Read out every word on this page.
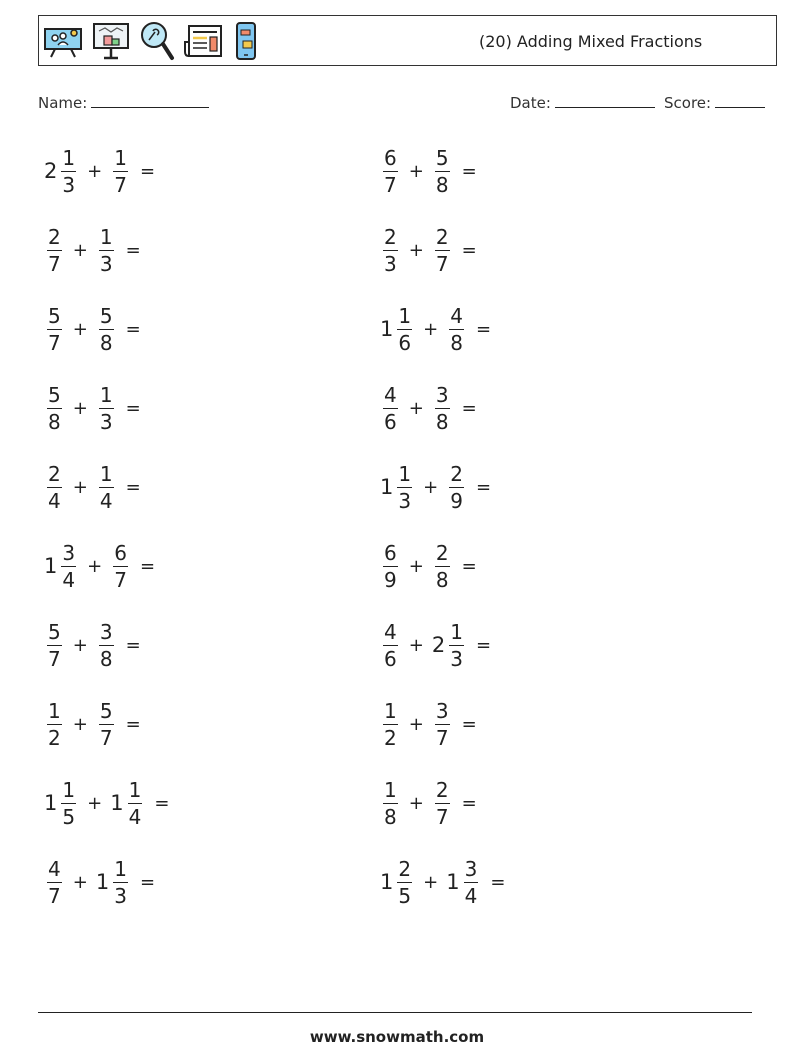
(20) Adding Mixed Fractions
Name:	Date:	Score:
$2 \frac{1}{3} + \frac{1}{7}$ =	$\frac{6}{7} + \frac{5}{8}$ =
$\frac{2}{7} + \frac{1}{3}$ =	$\frac{2}{3} + \frac{2}{7}$ =
$\frac{5}{7} + \frac{5}{8}$ =	$1 \frac{1}{6} + \frac{4}{8}$ =
$\frac{5}{8} + \frac{1}{3}$ =	$\frac{4}{6} + \frac{3}{8}$ =
$\frac{2}{4} + \frac{1}{4}$ =	$1 \frac{1}{3} + \frac{2}{9}$ =
$1 \frac{3}{4} + \frac{6}{7}$ =	$\frac{6}{9} + \frac{2}{8}$ =
$\frac{5}{7} + \frac{3}{8}$ =	$\frac{4}{6} + 2 \frac{1}{3}$ =
$\frac{1}{2} + \frac{5}{7}$ =	$\frac{1}{2} + \frac{3}{7}$ =
$1 \frac{1}{5} + 1 \frac{1}{4}$ =	$\frac{1}{8} + \frac{2}{7}$ =
$\frac{4}{7} + 1 \frac{1}{3}$ =	$1 \frac{2}{5} + 1 \frac{3}{4}$ =
www.snowmath.com
